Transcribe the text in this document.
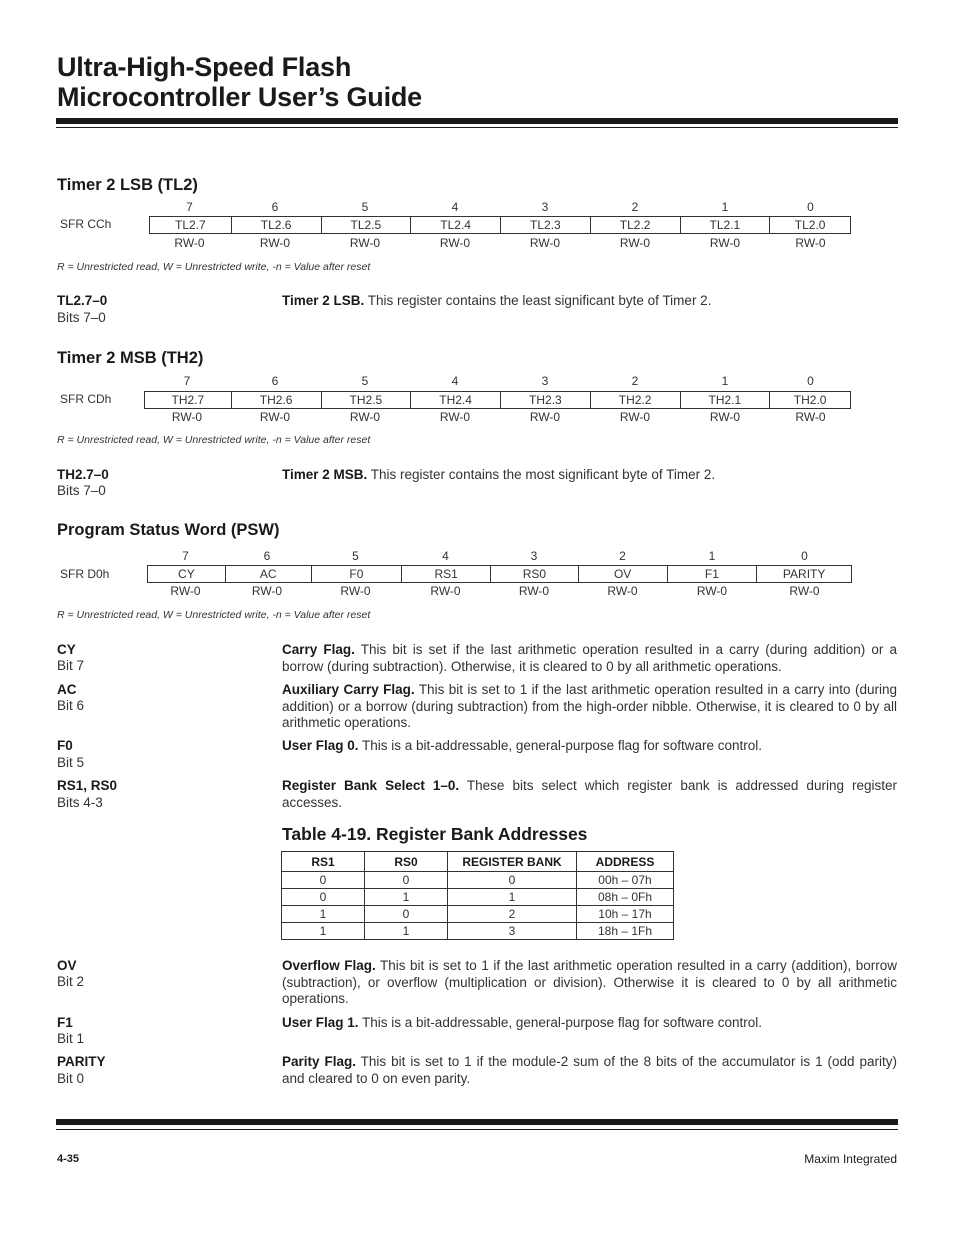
Ultra-High-Speed Flash
Microcontroller User’s Guide
Timer 2 LSB (TL2)
7	6	5	4	3	2	1	0
SFR CCh	TL2.7	TL2.6	TL2.5	TL2.4	TL2.3	TL2.2	TL2.1	TL2.0
RW-0	RW-0	RW-0	RW-0	RW-0	RW-0	RW-0	RW-0
R = Unrestricted read, W = Unrestricted write, -n = Value after reset
TL2.7–0
Bits 7–0
Timer 2 LSB. This register contains the least significant byte of Timer 2.
Timer 2 MSB (TH2)
7	6	5	4	3	2	1	0
SFR CDh	TH2.7	TH2.6	TH2.5	TH2.4	TH2.3	TH2.2	TH2.1	TH2.0
RW-0	RW-0	RW-0	RW-0	RW-0	RW-0	RW-0	RW-0
R = Unrestricted read, W = Unrestricted write, -n = Value after reset
TH2.7–0
Bits 7–0
Timer 2 MSB. This register contains the most significant byte of Timer 2.
Program Status Word (PSW)
7	6	5	4	3	2	1	0
SFR D0h	CY	AC	F0	RS1	RS0	OV	F1	PARITY
RW-0	RW-0	RW-0	RW-0	RW-0	RW-0	RW-0	RW-0
R = Unrestricted read, W = Unrestricted write, -n = Value after reset
CY
Bit 7
Carry Flag. This bit is set if the last arithmetic operation resulted in a carry (during addition) or a borrow (during subtraction). Otherwise, it is cleared to 0 by all arithmetic operations.
AC
Bit 6
Auxiliary Carry Flag. This bit is set to 1 if the last arithmetic operation resulted in a carry into (during addition) or a borrow (during subtraction) from the high-order nibble. Otherwise, it is cleared to 0 by all arithmetic operations.
F0
Bit 5
User Flag 0. This is a bit-addressable, general-purpose flag for software control.
RS1, RS0
Bits 4-3
Register Bank Select 1–0. These bits select which register bank is addressed during register accesses.
Table 4-19. Register Bank Addresses
RS1	RS0	REGISTER BANK	ADDRESS
0	0	0	00h – 07h
0	1	1	08h – 0Fh
1	0	2	10h – 17h
1	1	3	18h – 1Fh
OV
Bit 2
Overflow Flag. This bit is set to 1 if the last arithmetic operation resulted in a carry (addition), borrow (subtraction), or overflow (multiplication or division). Otherwise it is cleared to 0 by all arithmetic operations.
F1
Bit 1
User Flag 1. This is a bit-addressable, general-purpose flag for software control.
PARITY
Bit 0
Parity Flag. This bit is set to 1 if the module-2 sum of the 8 bits of the accumulator is 1 (odd parity) and cleared to 0 on even parity.
4-35	Maxim Integrated
